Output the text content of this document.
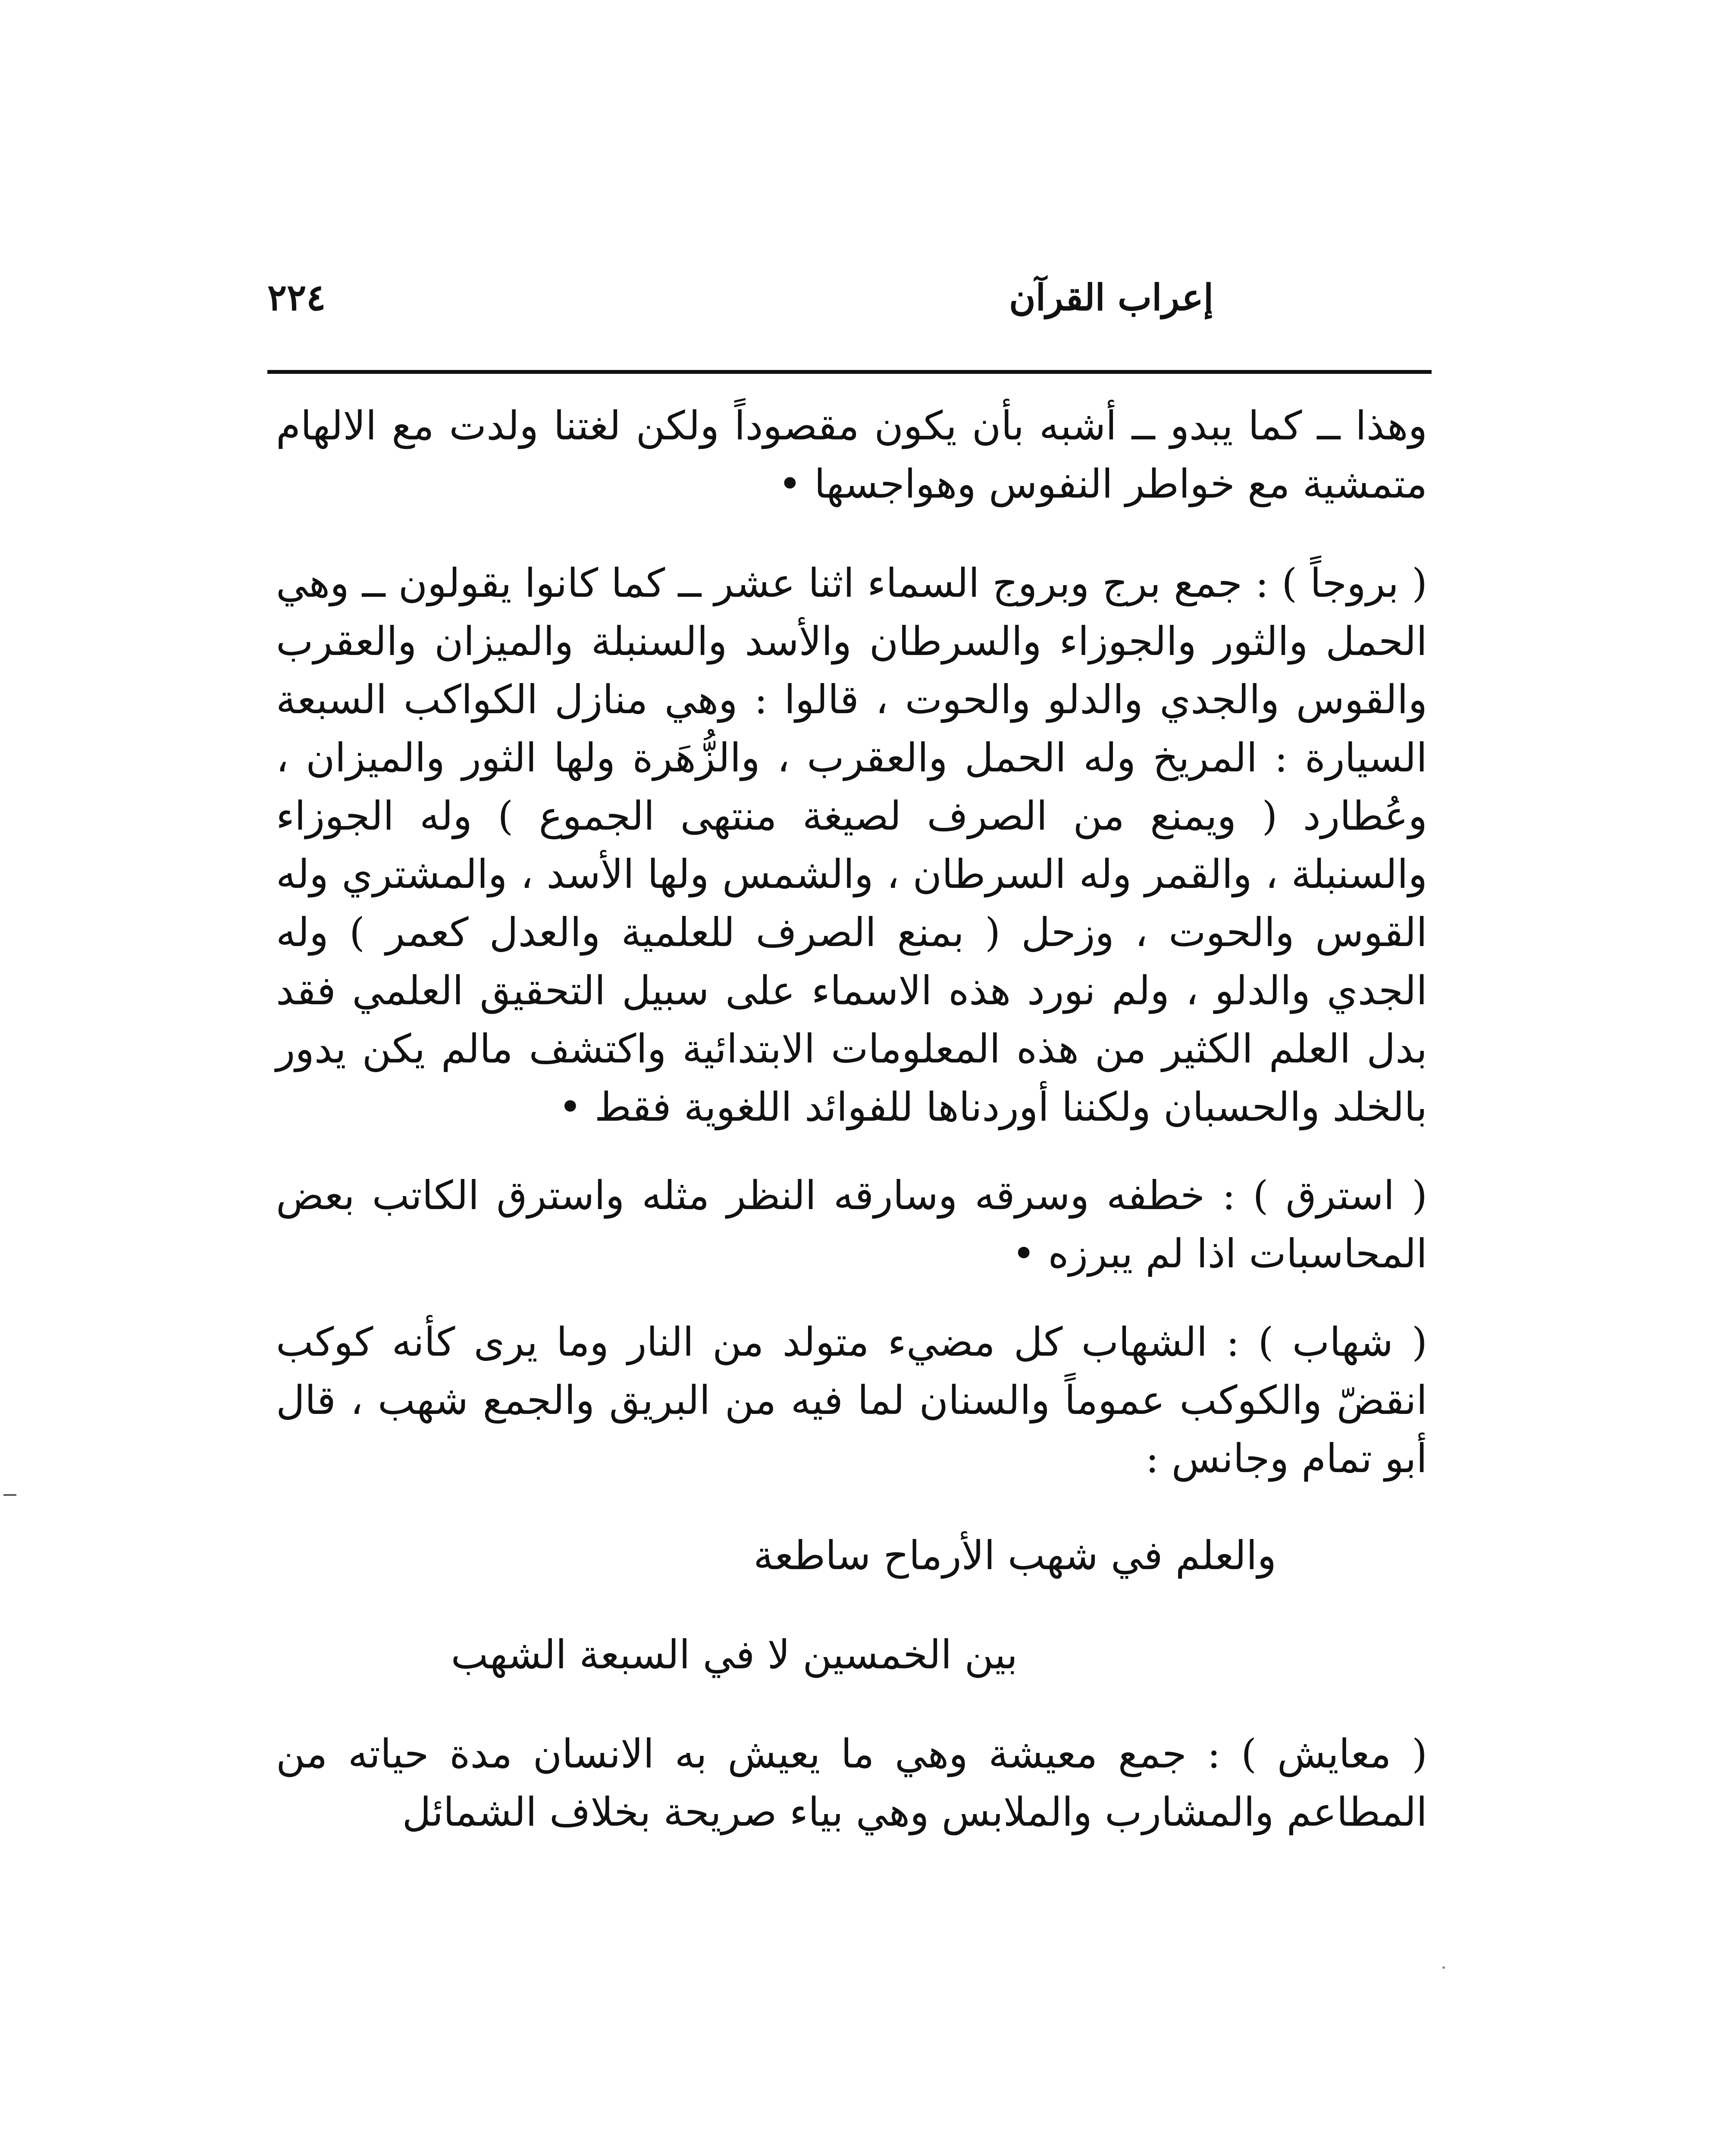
٢٢٤	إعراب القرآن

وهذا ــ كما يبدو ــ أشبه بأن يكون مقصوداً ولكن لغتنا ولدت مع الالهام متمشية مع خواطر النفوس وهواجسها •

( بروجاً ) : جمع برج وبروج السماء اثنا عشر ــ كما كانوا يقولون ــ وهي الحمل والثور والجوزاء والسرطان والأسد والسنبلة والميزان والعقرب والقوس والجدي والدلو والحوت ، قالوا : وهي منازل الكواكب السبعة السيارة : المريخ وله الحمل والعقرب ، والزُّهَرة ولها الثور والميزان ، وعُطارد ( ويمنع من الصرف لصيغة منتهى الجموع ) وله الجوزاء والسنبلة ، والقمر وله السرطان ، والشمس ولها الأسد ، والمشتري وله القوس والحوت ، وزحل ( بمنع الصرف للعلمية والعدل كعمر ) وله الجدي والدلو ، ولم نورد هذه الاسماء على سبيل التحقيق العلمي فقد بدل العلم الكثير من هذه المعلومات الابتدائية واكتشف مالم يكن يدور بالخلد والحسبان ولكننا أوردناها للفوائد اللغوية فقط •

( استرق ) : خطفه وسرقه وسارقه النظر مثله واسترق الكاتب بعض المحاسبات اذا لم يبرزه •

( شهاب ) : الشهاب كل مضيء متولد من النار وما يرى كأنه كوكب انقضّ والكوكب عموماً والسنان لما فيه من البريق والجمع شهب ، قال أبو تمام وجانس :

والعلم في شهب الأرماح ساطعة
بين الخمسين لا في السبعة الشهب

( معايش ) : جمع معيشة وهي ما يعيش به الانسان مدة حياته من المطاعم والمشارب والملابس وهي بياء صريحة بخلاف الشمائل
